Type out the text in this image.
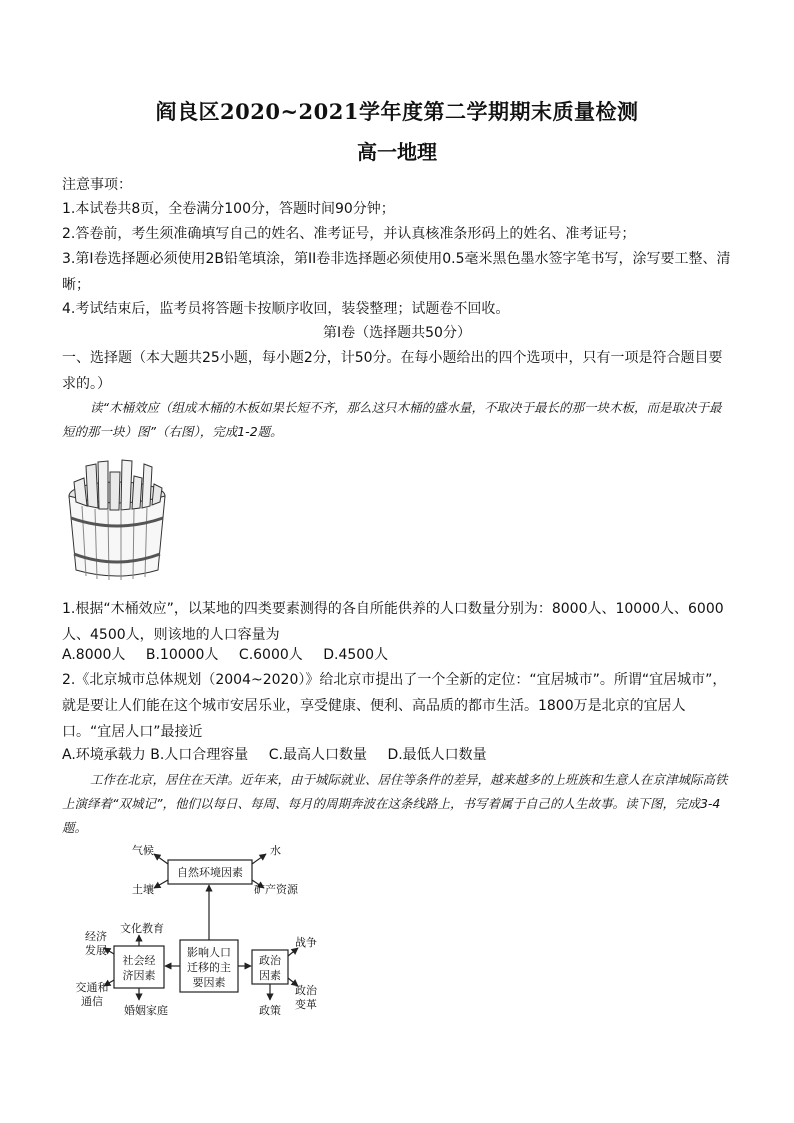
阎良区2020~2021学年度第二学期期末质量检测
高一地理
注意事项：
1.本试卷共8页，全卷满分100分，答题时间90分钟；
2.答卷前，考生须准确填写自己的姓名、准考证号，并认真核准条形码上的姓名、准考证号；
3.第I卷选择题必须使用2B铅笔填涂，第II卷非选择题必须使用0.5毫米黑色墨水签字笔书写，涂写要工整、清晰；
4.考试结束后，监考员将答题卡按顺序收回，装袋整理；试题卷不回收。
第I卷（选择题共50分）
一、选择题（本大题共25小题，每小题2分，计50分。在每小题给出的四个选项中，只有一项是符合题目要求的。）
读“木桶效应（组成木桶的木板如果长短不齐，那么这只木桶的盛水量，不取决于最长的那一块木板，而是取决于最短的那一块）图”（右图），完成1-2题。
1.根据“木桶效应”，以某地的四类要素测得的各自所能供养的人口数量分别为：8000人、10000人、6000人、4500人，则该地的人口容量为
A.8000人 B.10000人 C.6000人 D.4500人
2.《北京城市总体规划（2004~2020）》给北京市提出了一个全新的定位：“宜居城市”。所谓“宜居城市”，就是要让人们能在这个城市安居乐业，享受健康、便利、高品质的都市生活。1800万是北京的宜居人口。“宜居人口”最接近
A.环境承载力 B.人口合理容量 C.最高人口数量 D.最低人口数量
工作在北京，居住在天津。近年来，由于城际就业、居住等条件的差异，越来越多的上班族和生意人在京津城际高铁上演绎着“双城记”，他们以每日、每周、每月的周期奔波在这条线路上，书写着属于自己的人生故事。读下图，完成3-4题。
自然环境因素
气候	水
土壤	矿产资源
影响人口
迁移的主
要因素
社会经
济因素
文化教育
经济
发展
交通和
通信
婚姻家庭
政治
因素
战争
政治
变革
政策
